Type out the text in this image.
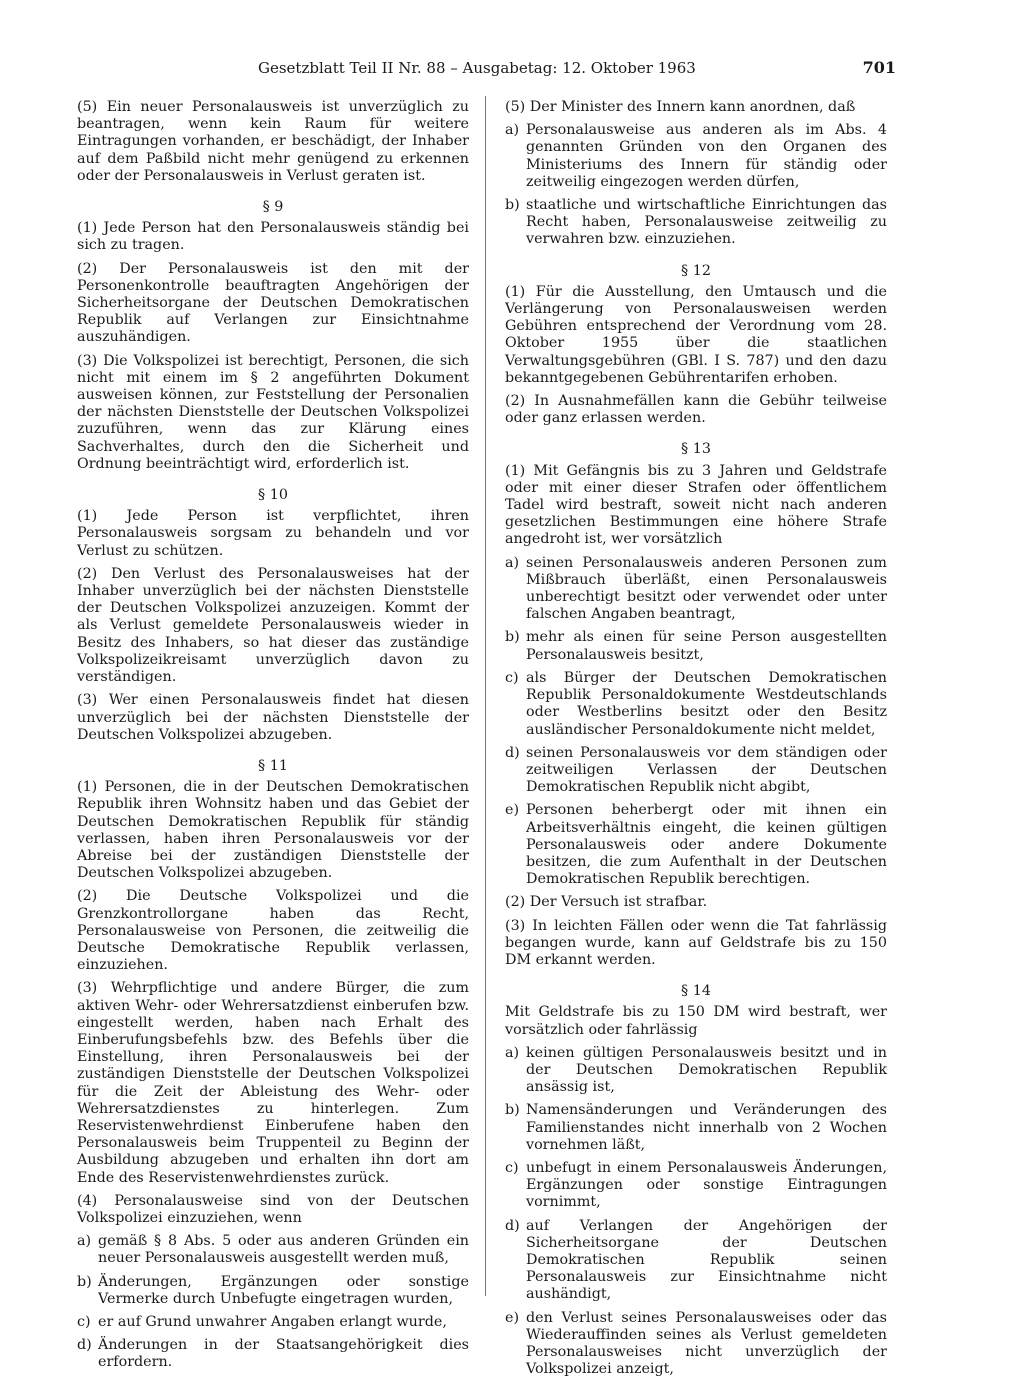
Gesetzblatt Teil II Nr. 88 – Ausgabetag: 12. Oktober 1963	701

(5) Ein neuer Personalausweis ist unverzüglich zu beantragen, wenn kein Raum für weitere Eintragungen vorhanden, er beschädigt, der Inhaber auf dem Paßbild nicht mehr genügend zu erkennen oder der Personalausweis in Verlust geraten ist.

§ 9

(1) Jede Person hat den Personalausweis ständig bei sich zu tragen.

(2) Der Personalausweis ist den mit der Personenkontrolle beauftragten Angehörigen der Sicherheitsorgane der Deutschen Demokratischen Republik auf Verlangen zur Einsichtnahme auszuhändigen.

(3) Die Volkspolizei ist berechtigt, Personen, die sich nicht mit einem im § 2 angeführten Dokument ausweisen können, zur Feststellung der Personalien der nächsten Dienststelle der Deutschen Volkspolizei zuzuführen, wenn das zur Klärung eines Sachverhaltes, durch den die Sicherheit und Ordnung beeinträchtigt wird, erforderlich ist.

§ 10

(1) Jede Person ist verpflichtet, ihren Personalausweis sorgsam zu behandeln und vor Verlust zu schützen.

(2) Den Verlust des Personalausweises hat der Inhaber unverzüglich bei der nächsten Dienststelle der Deutschen Volkspolizei anzuzeigen. Kommt der als Verlust gemeldete Personalausweis wieder in Besitz des Inhabers, so hat dieser das zuständige Volkspolizeikreisamt unverzüglich davon zu verständigen.

(3) Wer einen Personalausweis findet hat diesen unverzüglich bei der nächsten Dienststelle der Deutschen Volkspolizei abzugeben.

§ 11

(1) Personen, die in der Deutschen Demokratischen Republik ihren Wohnsitz haben und das Gebiet der Deutschen Demokratischen Republik für ständig verlassen, haben ihren Personalausweis vor der Abreise bei der zuständigen Dienststelle der Deutschen Volkspolizei abzugeben.

(2) Die Deutsche Volkspolizei und die Grenzkontrollorgane haben das Recht, Personalausweise von Personen, die zeitweilig die Deutsche Demokratische Republik verlassen, einzuziehen.

(3) Wehrpflichtige und andere Bürger, die zum aktiven Wehr- oder Wehrersatzdienst einberufen bzw. eingestellt werden, haben nach Erhalt des Einberufungsbefehls bzw. des Befehls über die Einstellung, ihren Personalausweis bei der zuständigen Dienststelle der Deutschen Volkspolizei für die Zeit der Ableistung des Wehr- oder Wehrersatzdienstes zu hinterlegen. Zum Reservistenwehrdienst Einberufene haben den Personalausweis beim Truppenteil zu Beginn der Ausbildung abzugeben und erhalten ihn dort am Ende des Reservistenwehrdienstes zurück.

(4) Personalausweise sind von der Deutschen Volkspolizei einzuziehen, wenn

a) gemäß § 8 Abs. 5 oder aus anderen Gründen ein neuer Personalausweis ausgestellt werden muß,
b) Änderungen, Ergänzungen oder sonstige Vermerke durch Unbefugte eingetragen wurden,
c) er auf Grund unwahrer Angaben erlangt wurde,
d) Änderungen in der Staatsangehörigkeit dies erfordern.

(5) Der Minister des Innern kann anordnen, daß

a) Personalausweise aus anderen als im Abs. 4 genannten Gründen von den Organen des Ministeriums des Innern für ständig oder zeitweilig eingezogen werden dürfen,
b) staatliche und wirtschaftliche Einrichtungen das Recht haben, Personalausweise zeitweilig zu verwahren bzw. einzuziehen.
§ 12

(1) Für die Ausstellung, den Umtausch und die Verlängerung von Personalausweisen werden Gebühren entsprechend der Verordnung vom 28. Oktober 1955 über die staatlichen Verwaltungsgebühren (GBl. I S. 787) und den dazu bekanntgegebenen Gebührentarifen erhoben.

(2) In Ausnahmefällen kann die Gebühr teilweise oder ganz erlassen werden.

§ 13

(1) Mit Gefängnis bis zu 3 Jahren und Geldstrafe oder mit einer dieser Strafen oder öffentlichem Tadel wird bestraft, soweit nicht nach anderen gesetzlichen Bestimmungen eine höhere Strafe angedroht ist, wer vorsätzlich

a) seinen Personalausweis anderen Personen zum Mißbrauch überläßt, einen Personalausweis unberechtigt besitzt oder verwendet oder unter falschen Angaben beantragt,
b) mehr als einen für seine Person ausgestellten Personalausweis besitzt,
c) als Bürger der Deutschen Demokratischen Republik Personaldokumente Westdeutschlands oder Westberlins besitzt oder den Besitz ausländischer Personaldokumente nicht meldet,
d) seinen Personalausweis vor dem ständigen oder zeitweiligen Verlassen der Deutschen Demokratischen Republik nicht abgibt,
e) Personen beherbergt oder mit ihnen ein Arbeitsverhältnis eingeht, die keinen gültigen Personalausweis oder andere Dokumente besitzen, die zum Aufenthalt in der Deutschen Demokratischen Republik berechtigen.

(2) Der Versuch ist strafbar.

(3) In leichten Fällen oder wenn die Tat fahrlässig begangen wurde, kann auf Geldstrafe bis zu 150 DM erkannt werden.

§ 14

Mit Geldstrafe bis zu 150 DM wird bestraft, wer vorsätzlich oder fahrlässig

a) keinen gültigen Personalausweis besitzt und in der Deutschen Demokratischen Republik ansässig ist,
b) Namensänderungen und Veränderungen des Familienstandes nicht innerhalb von 2 Wochen vornehmen läßt,
c) unbefugt in einem Personalausweis Änderungen, Ergänzungen oder sonstige Eintragungen vornimmt,
d) auf Verlangen der Angehörigen der Sicherheitsorgane der Deutschen Demokratischen Republik seinen Personalausweis zur Einsichtnahme nicht aushändigt,
e) den Verlust seines Personalausweises oder das Wiederauffinden seines als Verlust gemeldeten Personalausweises nicht unverzüglich der Volkspolizei anzeigt,
